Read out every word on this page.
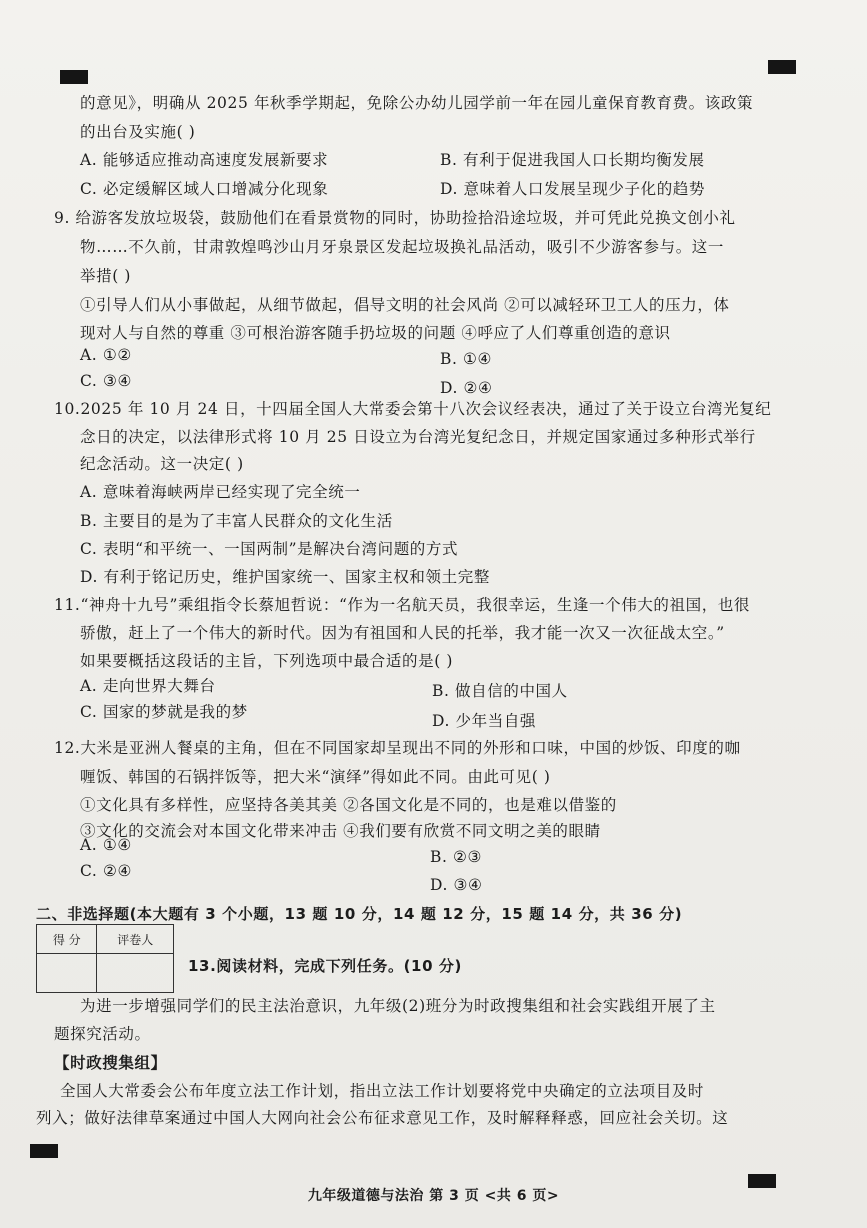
的意见》，明确从 2025 年秋季学期起，免除公办幼儿园学前一年在园儿童保育教育费。该政策
的出台及实施( )
A. 能够适应推动高速度发展新要求	B. 有利于促进我国人口长期均衡发展
C. 必定缓解区域人口增减分化现象	D. 意味着人口发展呈现少子化的趋势
9. 给游客发放垃圾袋，鼓励他们在看景赏物的同时，协助捡拾沿途垃圾，并可凭此兑换文创小礼
物……不久前，甘肃敦煌鸣沙山月牙泉景区发起垃圾换礼品活动，吸引不少游客参与。这一
举措( )
①引导人们从小事做起，从细节做起，倡导文明的社会风尚 ②可以减轻环卫工人的压力，体
现对人与自然的尊重 ③可根治游客随手扔垃圾的问题 ④呼应了人们尊重创造的意识
A. ①②	B. ①④
C. ③④	D. ②④
10.2025 年 10 月 24 日，十四届全国人大常委会第十八次会议经表决，通过了关于设立台湾光复纪
念日的决定，以法律形式将 10 月 25 日设立为台湾光复纪念日，并规定国家通过多种形式举行
纪念活动。这一决定( )
A. 意味着海峡两岸已经实现了完全统一
B. 主要目的是为了丰富人民群众的文化生活
C. 表明“和平统一、一国两制”是解决台湾问题的方式
D. 有利于铭记历史，维护国家统一、国家主权和领土完整
11.“神舟十九号”乘组指令长蔡旭哲说：“作为一名航天员，我很幸运，生逢一个伟大的祖国，也很
骄傲，赶上了一个伟大的新时代。因为有祖国和人民的托举，我才能一次又一次征战太空。”
如果要概括这段话的主旨，下列选项中最合适的是( )
A. 走向世界大舞台	B. 做自信的中国人
C. 国家的梦就是我的梦	D. 少年当自强
12.大米是亚洲人餐桌的主角，但在不同国家却呈现出不同的外形和口味，中国的炒饭、印度的咖
喱饭、韩国的石锅拌饭等，把大米“演绎”得如此不同。由此可见( )
①文化具有多样性，应坚持各美其美 ②各国文化是不同的，也是难以借鉴的
③文化的交流会对本国文化带来冲击 ④我们要有欣赏不同文明之美的眼睛
A. ①④
B. ②③
C. ②④
D. ③④
二、非选择题(本大题有 3 个小题，13 题 10 分，14 题 12 分，15 题 14 分，共 36 分)
得 分	评卷人

13.阅读材料，完成下列任务。(10 分)
为进一步增强同学们的民主法治意识，九年级(2)班分为时政搜集组和社会实践组开展了主
题探究活动。
【时政搜集组】
全国人大常委会公布年度立法工作计划，指出立法工作计划要将党中央确定的立法项目及时
列入；做好法律草案通过中国人大网向社会公布征求意见工作，及时解释释惑，回应社会关切。这
九年级道德与法治 第 3 页 <共 6 页>
